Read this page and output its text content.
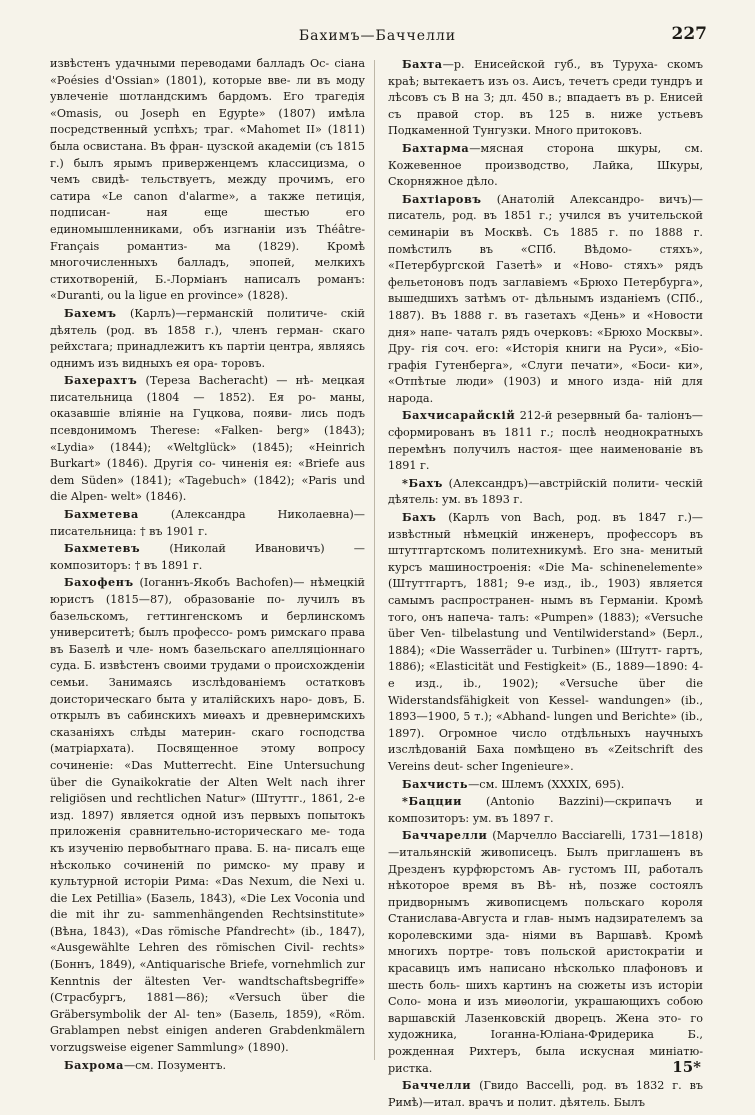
Бахимъ—Баччелли	227

извѣстенъ удачными переводами балладъ Ос- сіана «Poésies d'Ossian» (1801), которые вве- ли въ моду увлеченіе шотландскимъ бардомъ. Его трагедія «Omasis, ou Joseph en Egypte» (1807) имѣла посредственный успѣхъ; траг. «Mahomet II» (1811) была освистана. Въ фран- цузской академіи (съ 1815 г.) былъ ярымъ приверженцемъ классицизма, о чемъ свидѣ- тельствуетъ, между прочимъ, его сатира «Le canon d'alarme», а также петиція, подписан- ная еще шестью его единомышленниками, объ изгнаніи изъ Théâtre-Français романтиз- ма (1829). Кромѣ многочисленныхъ балладъ, эпопей, мелкихъ стихотвореній, Б.-Лорміанъ написалъ романъ: «Duranti, ou la ligue en province» (1828).

Бахемъ (Карлъ)—германскій политиче- скій дѣятель (род. въ 1858 г.), членъ герман- скаго рейхстага; принадлежитъ къ партіи центра, являясь однимъ изъ видныхъ ея ора- торовъ.

Бахерахтъ (Тереза Bacheracht) — нѣ- мецкая писательница (1804 — 1852). Ея ро- маны, оказавшіе вліяніе на Гуцкова, появи- лись подъ псевдонимомъ Therese: «Falken- berg» (1843); «Lydia» (1844); «Weltglück» (1845); «Heinrich Burkart» (1846). Другія со- чиненія ея: «Briefe aus dem Süden» (1841); «Tagebuch» (1842); «Paris und die Alpen- welt» (1846).

Бахметева (Александра Николаевна)— писательница: † въ 1901 г.

Бахметевъ (Николай Ивановичъ) — композиторъ: † въ 1891 г.

Бахофенъ (Іоганнъ-Якобъ Bachofen)— нѣмецкій юристъ (1815—87), образованіе по- лучилъ въ базельскомъ, геттингенскомъ и берлинскомъ университетѣ; былъ профессо- ромъ римскаго права въ Базелѣ и чле- номъ базельскаго апелляціоннаго суда. Б. извѣстенъ своими трудами о происхожденіи семьи. Занимаясь изслѣдованіемъ остатковъ доисторическаго быта у италійскихъ наро- довъ, Б. открылъ въ сабинскихъ миѳахъ и древнеримскихъ сказаніяхъ слѣды материн- скаго господства (матріархата). Посвященное этому вопросу сочиненіе: «Das Mutterrecht. Eine Untersuchung über die Gynaikokratie der Alten Welt nach ihrer religiösen und rechtlichen Natur» (Штуттг., 1861, 2-е изд. 1897) является одной изъ первыхъ попытокъ приложенія сравнительно-историческаго ме- тода къ изученію первобытнаго права. Б. на- писалъ еще нѣсколько сочиненій по римско- му праву и культурной исторіи Рима: «Das Nexum, die Nexi u. die Lex Petillia» (Базель, 1843), «Die Lex Voconia und die mit ihr zu- sammenhängenden Rechtsinstitute» (Вѣна, 1843), «Das römische Pfandrecht» (ib., 1847), «Ausgewählte Lehren des römischen Civil- rechts» (Боннъ, 1849), «Antiquarische Briefe, vornehmlich zur Kenntnis der ältesten Ver- wandtschaftsbegriffe» (Страсбургъ, 1881—86); «Versuch über die Gräbersymbolik der Al- ten» (Базель, 1859), «Röm. Grablampen nebst einigen anderen Grabdenkmälern vorzugsweise eigener Sammlung» (1890).

Бахрома—см. Позументъ.

Бахта—р. Енисейской губ., въ Туруха- скомъ краѣ; вытекаетъ изъ оз. Аисъ, течетъ среди тундръ и лѣсовъ съ В на З; дл. 450 в.; впадаетъ въ р. Енисей съ правой стор. въ 125 в. ниже устьевъ Подкаменной Тунгузки. Много притоковъ.

Бахтарма—мясная сторона шкуры, см. Кожевенное производство, Лайка, Шкуры, Скорняжное дѣло.

Бахтіаровъ (Анатолій Александро- вичъ)—писатель, род. въ 1851 г.; учился въ учительской семинаріи въ Москвѣ. Съ 1885 г. по 1888 г. помѣстилъ въ «СПб. Вѣдомо- стяхъ», «Петербургской Газетѣ» и «Ново- стяхъ» рядъ фельетоновъ подъ заглавіемъ «Брюхо Петербурга», вышедшихъ затѣмъ от- дѣльнымъ изданіемъ (СПб., 1887). Въ 1888 г. въ газетахъ «День» и «Новости дня» напе- чаталъ рядъ очерковъ: «Брюхо Москвы». Дру- гія соч. его: «Исторія книги на Руси», «Біо- графія Гутенберга», «Слуги печати», «Боси- ки», «Отпѣтые люди» (1903) и много изда- ній для народа.

Бахчисарайскій 212-й резервный ба- таліонъ—сформированъ въ 1811 г.; послѣ неоднократныхъ перемѣнъ получилъ настоя- щее наименованіе въ 1891 г.

*Бахъ (Александръ)—австрійскій полити- ческій дѣятель: ум. въ 1893 г.

Бахъ (Карлъ von Bach, род. въ 1847 г.)— извѣстный нѣмецкій инженеръ, профессоръ въ штуттгартскомъ политехникумѣ. Его зна- менитый курсъ машиностроенія: «Die Ma- schinenelemente» (Штуттгартъ, 1881; 9-е изд., ib., 1903) является самымъ распространен- нымъ въ Германіи. Кромѣ того, онъ напеча- талъ: «Pumpen» (1883); «Versuche über Ven- tilbelastung und Ventilwiderstand» (Берл., 1884); «Die Wasserräder u. Turbinen» (Штутт- гартъ, 1886); «Elasticität und Festigkeit» (Б., 1889—1890: 4-е изд., ib., 1902); «Versuche über die Widerstandsfähigkeit von Kessel- wandungen» (ib., 1893—1900, 5 т.); «Abhand- lungen und Berichte» (ib., 1897). Огромное число отдѣльныхъ научныхъ изслѣдованій Баха помѣщено въ «Zeitschrift des Vereins deut- scher Ingenieure».

Бахчисть—см. Шлемъ (XXXIX, 695).

*Бацции (Antonio Bazzini)—скрипачъ и композиторъ: ум. въ 1897 г.

Баччарелли (Марчелло Bacciarelli, 1731—1818)—итальянскій живописецъ. Былъ приглашенъ въ Дрезденъ курфюрстомъ Ав- густомъ III, работалъ нѣкоторое время въ Вѣ- нѣ, позже состоялъ придворнымъ живописцемъ польскаго короля Станислава-Августа и глав- нымъ надзирателемъ за королевскими зда- ніями въ Варшавѣ. Кромѣ многихъ портре- товъ польской аристократіи и красавицъ имъ написано нѣсколько плафоновъ и шесть боль- шихъ картинъ на сюжеты изъ исторіи Соло- мона и изъ миѳологіи, украшающихъ собою варшавскій Лазенковскій дворецъ. Жена это- го художника, Іоганна-Юліана-Фридерика Б., рожденная Рихтеръ, была искусная миніатю- ристка.

Баччелли (Гвидо Baccelli, род. въ 1832 г. въ Римѣ)—итал. врачъ и полит. дѣятель. Былъ

15*
